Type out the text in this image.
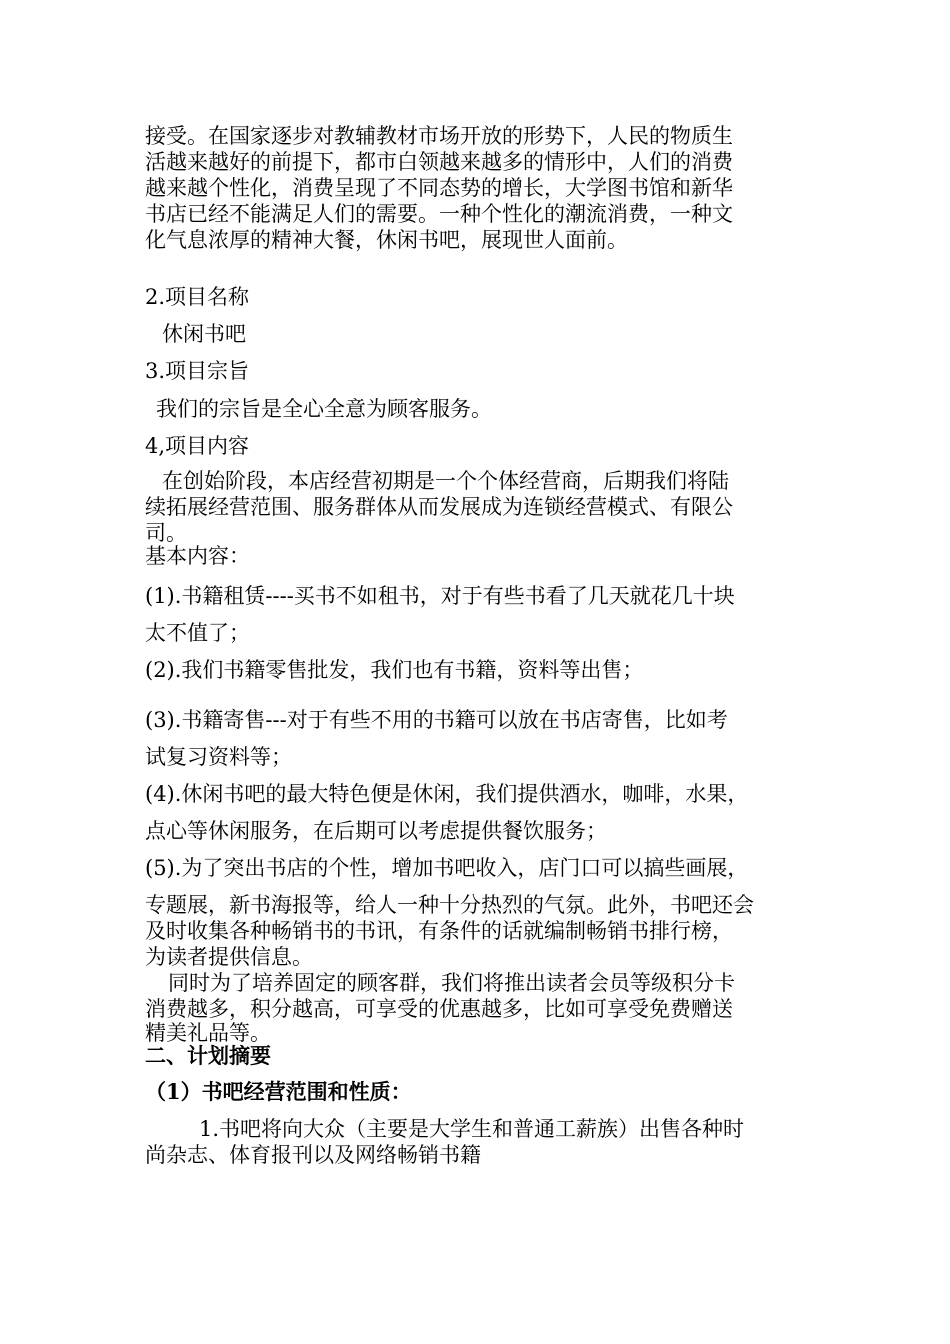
接受。在国家逐步对教辅教材市场开放的形势下，人民的物质生
活越来越好的前提下，都市白领越来越多的情形中，人们的消费
越来越个性化，消费呈现了不同态势的增长，大学图书馆和新华
书店已经不能满足人们的需要。一种个性化的潮流消费，一种文
化气息浓厚的精神大餐，休闲书吧，展现世人面前。
2.项目名称
休闲书吧
3.项目宗旨
我们的宗旨是全心全意为顾客服务。
4,项目内容
在创始阶段，本店经营初期是一个个体经营商，后期我们将陆
续拓展经营范围、服务群体从而发展成为连锁经营模式、有限公
司。
基本内容：
(1).书籍租赁----买书不如租书，对于有些书看了几天就花几十块
太不值了；
(2).我们书籍零售批发，我们也有书籍，资料等出售；
(3).书籍寄售---对于有些不用的书籍可以放在书店寄售，比如考
试复习资料等；
(4).休闲书吧的最大特色便是休闲，我们提供酒水，咖啡，水果，
点心等休闲服务，在后期可以考虑提供餐饮服务；
(5).为了突出书店的个性，增加书吧收入，店门口可以搞些画展，
专题展，新书海报等，给人一种十分热烈的气氛。此外，书吧还会
及时收集各种畅销书的书讯，有条件的话就编制畅销书排行榜，
为读者提供信息。
同时为了培养固定的顾客群，我们将推出读者会员等级积分卡
消费越多，积分越高，可享受的优惠越多，比如可享受免费赠送
精美礼品等。
二、计划摘要
（1）书吧经营范围和性质：
1.书吧将向大众（主要是大学生和普通工薪族）出售各种时
尚杂志、体育报刊以及网络畅销书籍
